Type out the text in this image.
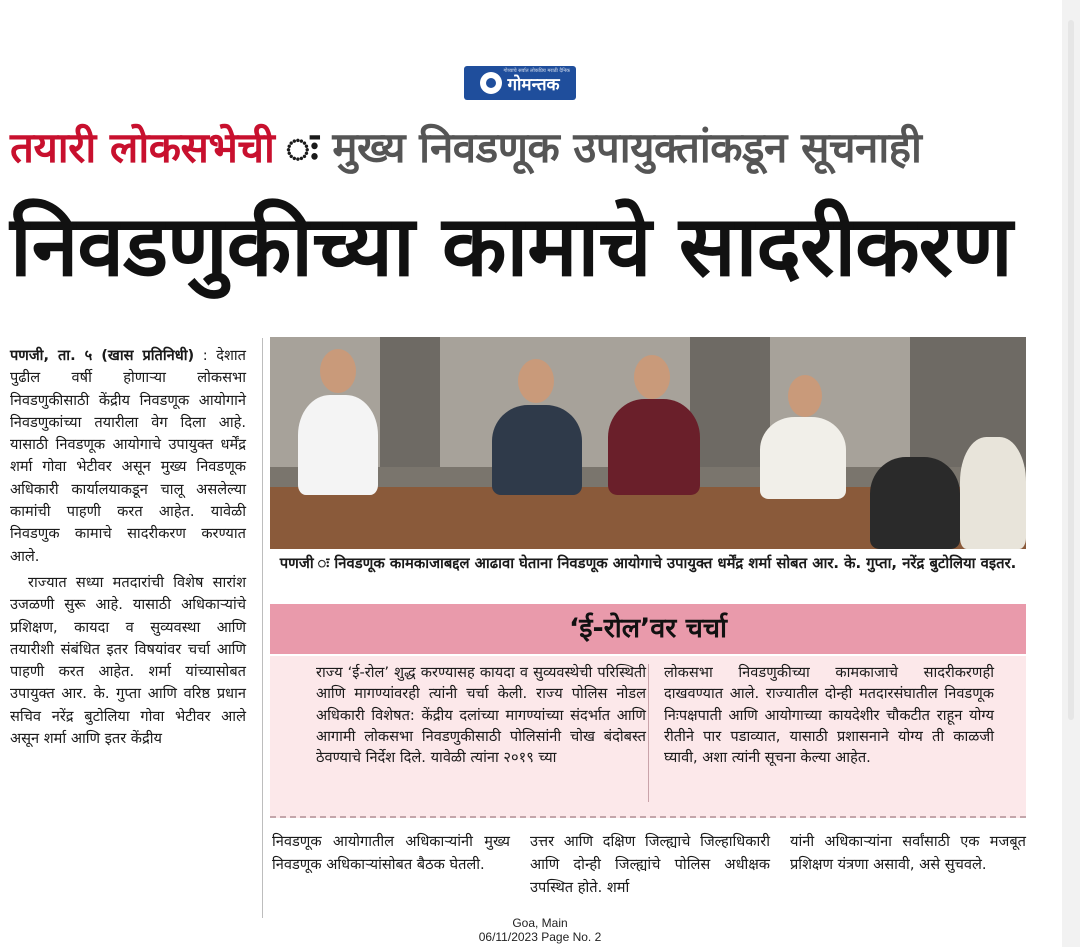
गोव्याचे सर्वात लोकप्रिय मराठी दैनिक
गोमन्तक
तयारी लोकसभेची मुख्य निवडणूक उपायुक्तांकडून सूचनाही
निवडणुकीच्या कामाचे सादरीकरण

पणजी, ता. ५ (खास प्रतिनिधी) : देशात पुढील वर्षी होणाऱ्या लोकसभा निवडणुकीसाठी केंद्रीय निवडणूक आयोगाने निवडणुकांच्या तयारीला वेग दिला आहे. यासाठी निवडणूक आयोगाचे उपायुक्त धर्मेंद्र शर्मा गोवा भेटीवर असून मुख्य निवडणूक अधिकारी कार्यालयाकडून चालू असलेल्या कामांची पाहणी करत आहेत. यावेळी निवडणुक कामाचे सादरीकरण करण्यात आले.

राज्यात सध्या मतदारांची विशेष सारांश उजळणी सुरू आहे. यासाठी अधिकाऱ्यांचे प्रशिक्षण, कायदा व सुव्यवस्था आणि तयारीशी संबंधित इतर विषयांवर चर्चा आणि पाहणी करत आहेत. शर्मा यांच्यासोबत उपायुक्त आर. के. गुप्ता आणि वरिष्ठ प्रधान सचिव नरेंद्र बुटोलिया गोवा भेटीवर आले असून शर्मा आणि इतर केंद्रीय

पणजी ः निवडणूक कामकाजाबद्दल आढावा घेताना निवडणूक आयोगाचे उपायुक्त धर्मेंद्र शर्मा सोबत आर. के. गुप्ता, नरेंद्र बुटोलिया वइतर.
‘ई-रोल’वर चर्चा
राज्य ‘ई-रोल’ शुद्ध करण्यासह कायदा व सुव्यवस्थेची परिस्थिती आणि मागण्यांवरही त्यांनी चर्चा केली. राज्य पोलिस नोडल अधिकारी विशेषत: केंद्रीय दलांच्या मागण्यांच्या संदर्भात आणि आगामी लोकसभा निवडणुकीसाठी पोलिसांनी चोख बंदोबस्त ठेवण्याचे निर्देश दिले. यावेळी त्यांना २०१९ च्या
लोकसभा निवडणुकीच्या कामकाजाचे सादरीकरणही दाखवण्यात आले. राज्यातील दोन्ही मतदारसंघातील निवडणूक निःपक्षपाती आणि आयोगाच्या कायदेशीर चौकटीत राहून योग्य रीतीने पार पडाव्यात, यासाठी प्रशासनाने योग्य ती काळजी घ्यावी, अशा त्यांनी सूचना केल्या आहेत.
निवडणूक आयोगातील अधिकाऱ्यांनी मुख्य निवडणूक अधिकाऱ्यांसोबत बैठक घेतली.
उत्तर आणि दक्षिण जिल्ह्याचे जिल्हाधिकारी आणि दोन्ही जिल्ह्यांचे पोलिस अधीक्षक उपस्थित होते. शर्मा
यांनी अधिकाऱ्यांना सर्वांसाठी एक मजबूत प्रशिक्षण यंत्रणा असावी, असे सुचवले.
Goa, Main
06/11/2023 Page No. 2
